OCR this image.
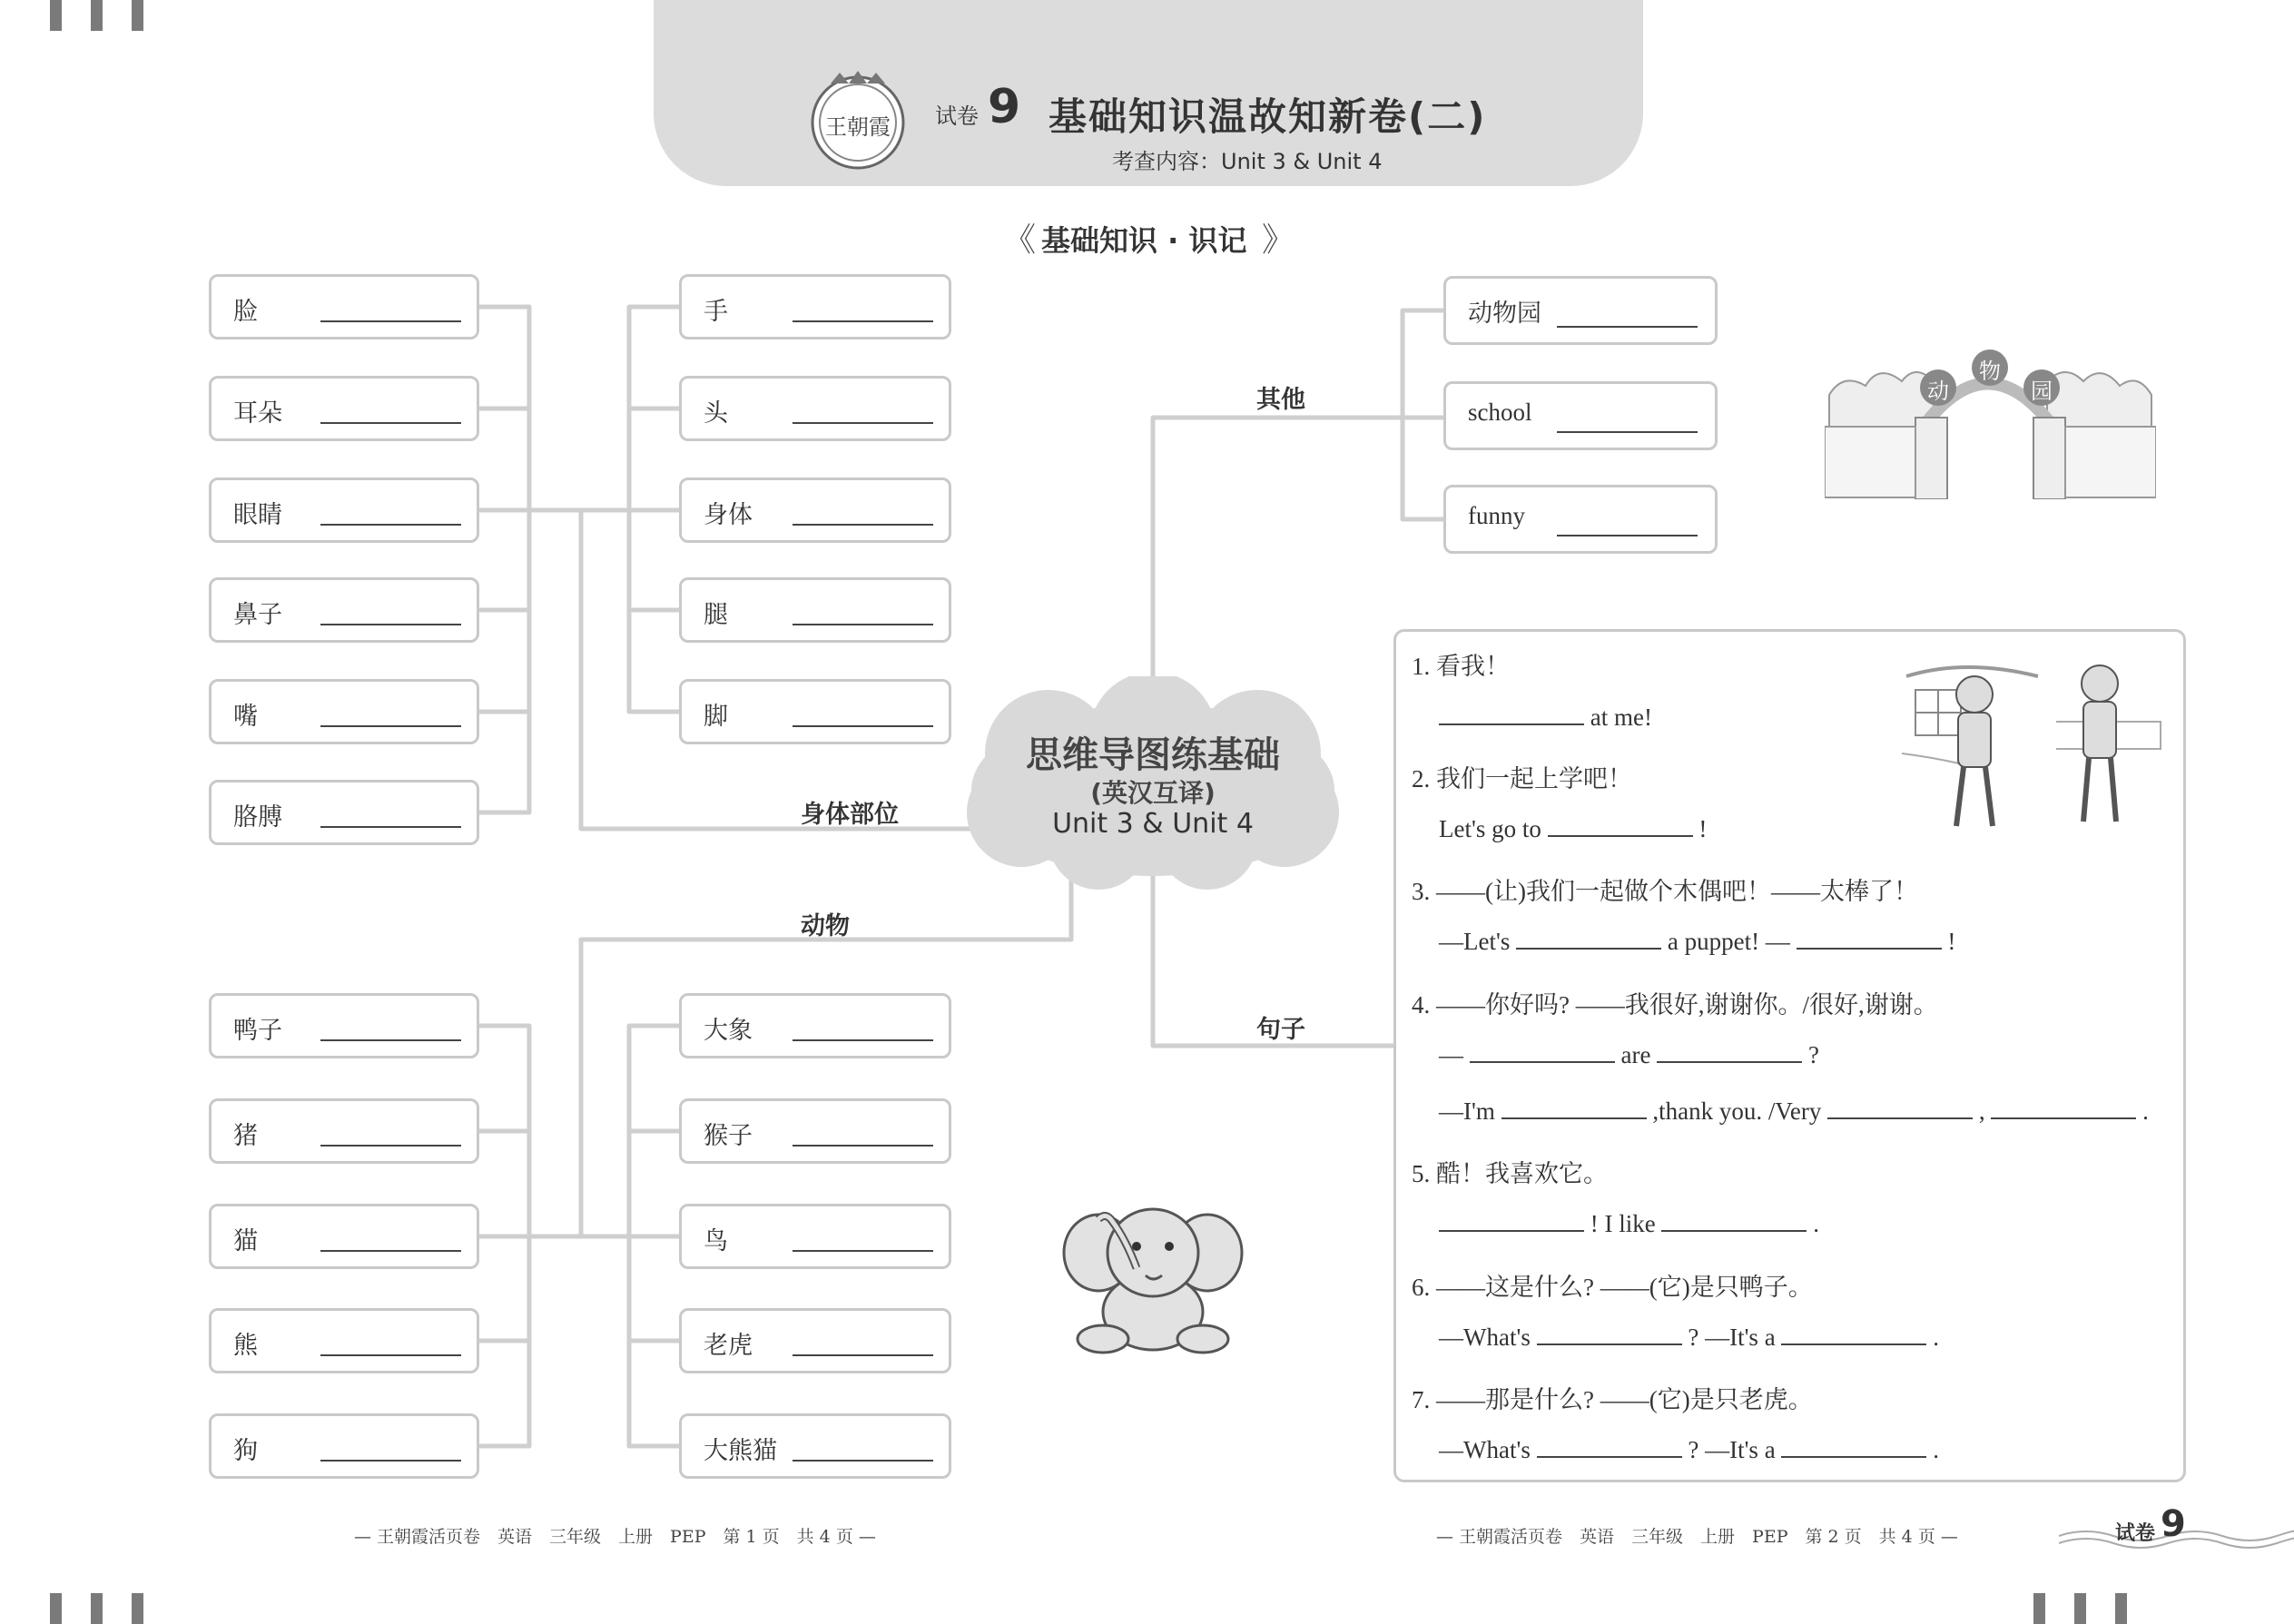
王朝霞 试卷 9 基础知识温故知新卷(二)
考查内容：Unit 3 & Unit 4
《 基础知识 · 识记 》
思维导图练基础
(英汉互译)
Unit 3 & Unit 4
身体部位
动物
其他
句子
脸
耳朵
眼睛
鼻子
嘴
胳膊
手
头
身体
腿
脚
鸭子
猪
猫
熊
狗
大象
猴子
鸟
老虎
大熊猫
动物园
school
funny
动
物
园
1. 看我！
at me!
2. 我们一起上学吧！
Let's go to	!
3. ——(让)我们一起做个木偶吧！——太棒了！
—Let's	a puppet! —	!
4. ——你好吗? ——我很好,谢谢你。/很好,谢谢。
—	are	?
—I'm	,thank you. /Very	,	.
5. 酷！我喜欢它。
! I like	.
6. ——这是什么? ——(它)是只鸭子。
—What's	? —It's a	.
7. ——那是什么? ——(它)是只老虎。
—What's	? —It's a	.
— 王朝霞活页卷　英语　三年级　上册　PEP　第 1 页　共 4 页 —	— 王朝霞活页卷　英语　三年级　上册　PEP　第 2 页　共 4 页 —	试卷 9
